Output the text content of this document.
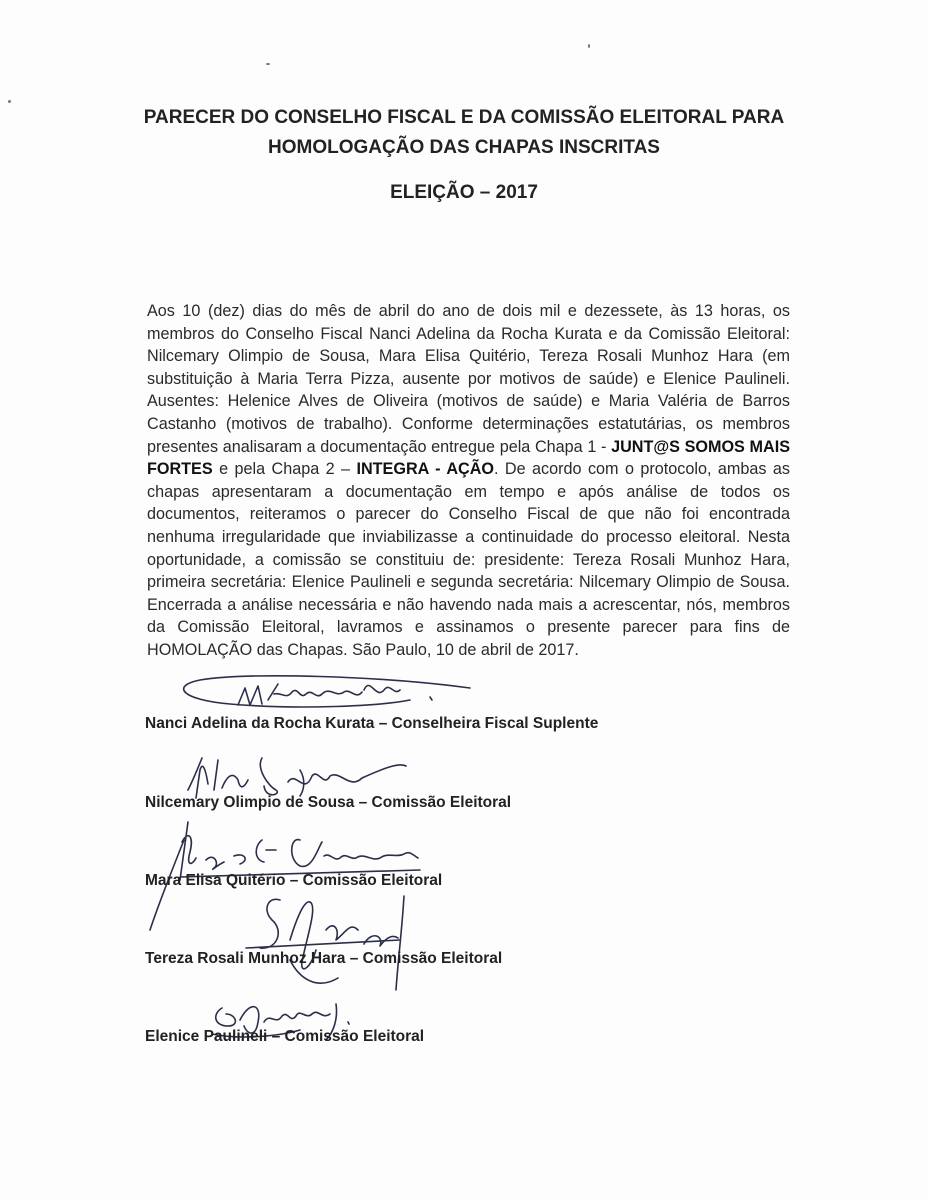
PARECER DO CONSELHO FISCAL E DA COMISSÃO ELEITORAL PARA
HOMOLOGAÇÃO DAS CHAPAS INSCRITAS
ELEIÇÃO – 2017

Aos 10 (dez) dias do mês de abril do ano de dois mil e dezessete, às 13 horas, os membros do Conselho Fiscal Nanci Adelina da Rocha Kurata e da Comissão Eleitoral: Nilcemary Olimpio de Sousa, Mara Elisa Quitério, Tereza Rosali Munhoz Hara (em substituição à Maria Terra Pizza, ausente por motivos de saúde) e Elenice Paulineli. Ausentes: Helenice Alves de Oliveira (motivos de saúde) e Maria Valéria de Barros Castanho (motivos de trabalho). Conforme determinações estatutárias, os membros presentes analisaram a documentação entregue pela Chapa 1 - JUNT@S SOMOS MAIS FORTES e pela Chapa 2 – INTEGRA - AÇÃO. De acordo com o protocolo, ambas as chapas apresentaram a documentação em tempo e após análise de todos os documentos, reiteramos o parecer do Conselho Fiscal de que não foi encontrada nenhuma irregularidade que inviabilizasse a continuidade do processo eleitoral. Nesta oportunidade, a comissão se constituiu de: presidente: Tereza Rosali Munhoz Hara, primeira secretária: Elenice Paulineli e segunda secretária: Nilcemary Olimpio de Sousa. Encerrada a análise necessária e não havendo nada mais a acrescentar, nós, membros da Comissão Eleitoral, lavramos e assinamos o presente parecer para fins de HOMOLAÇÃO das Chapas. São Paulo, 10 de abril de 2017.

Nanci Adelina da Rocha Kurata – Conselheira Fiscal Suplente
Nilcemary Olimpio de Sousa – Comissão Eleitoral
Mara Elisa Quitério – Comissão Eleitoral
Tereza Rosali Munhoz Hara – Comissão Eleitoral
Elenice Paulineli – Comissão Eleitoral
